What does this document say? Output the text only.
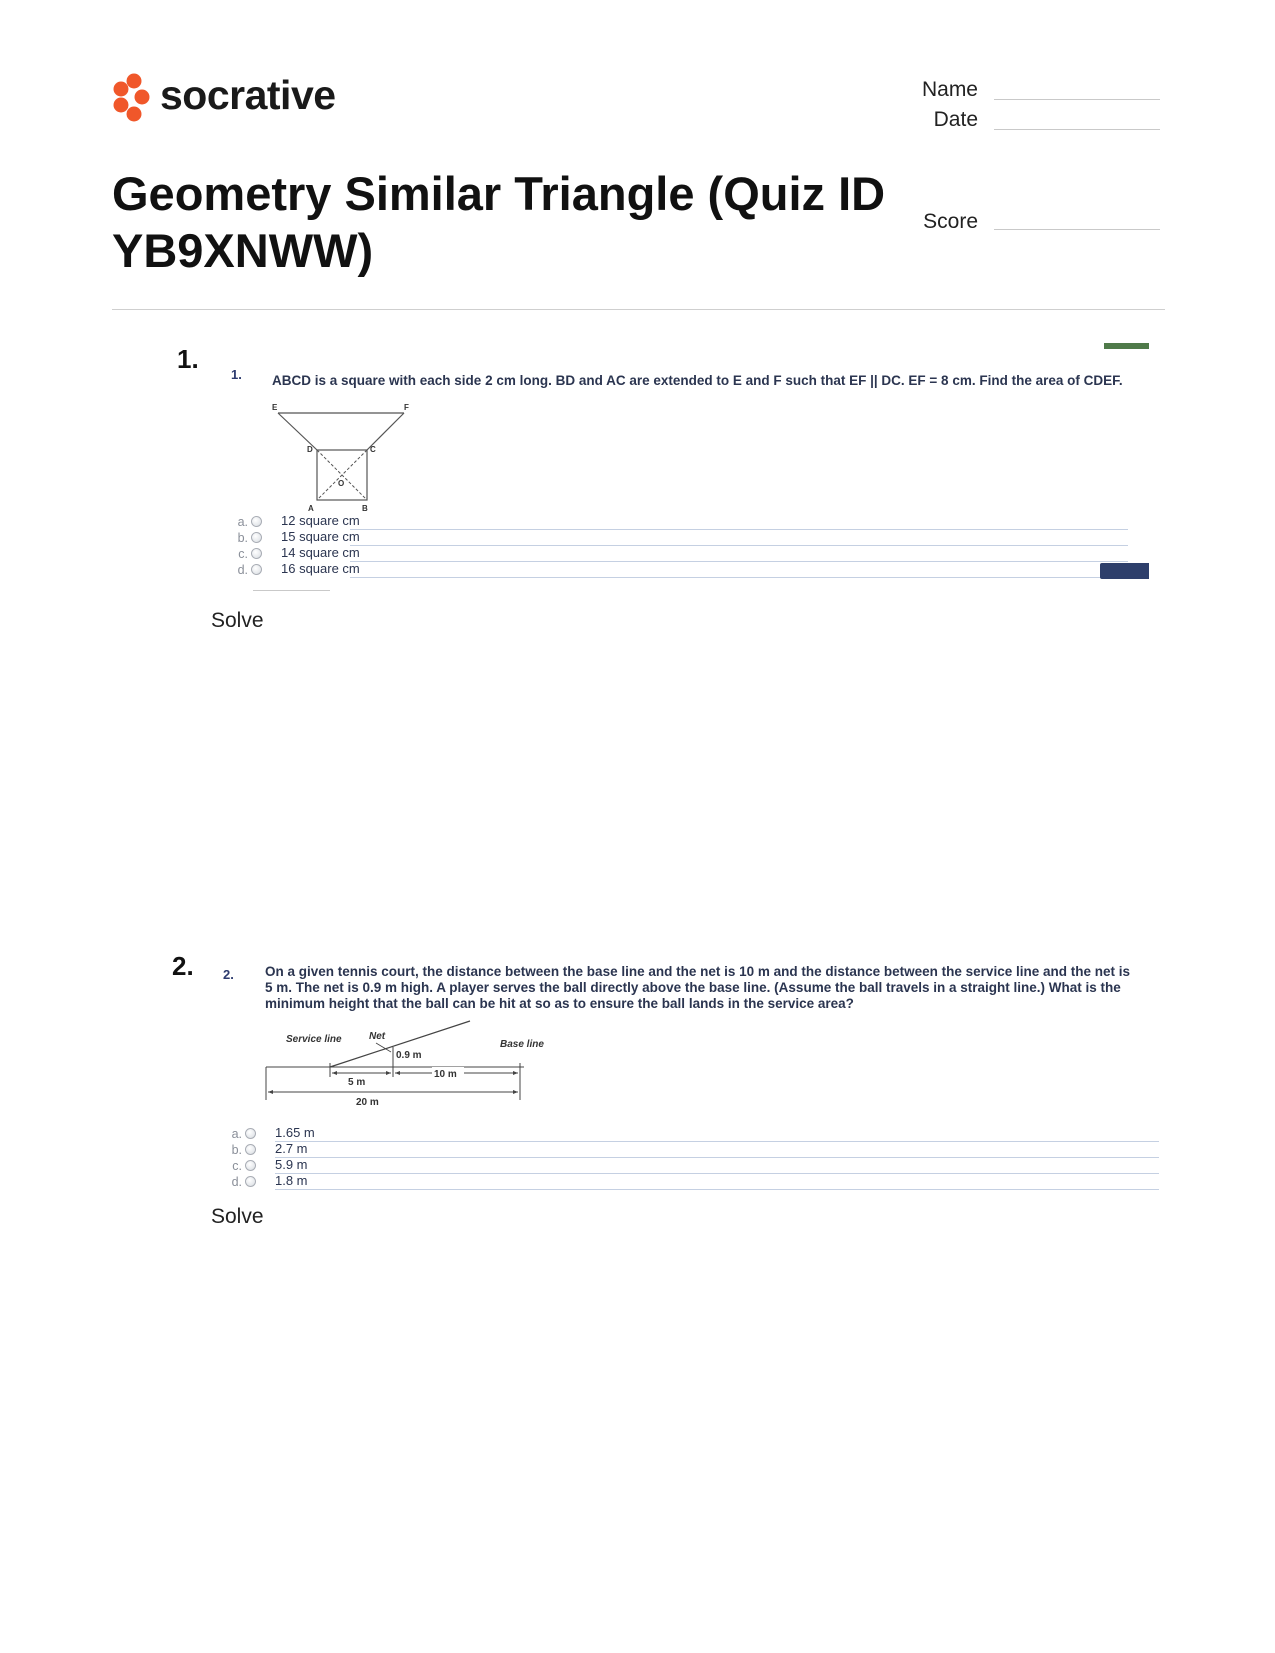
socrative
Geometry Similar Triangle (Quiz ID YB9XNWW)
Name
Date
Score
1.
1. ABCD is a square with each side 2 cm long. BD and AC are extended to E and F such that EF || DC. EF = 8 cm. Find the area of CDEF.
E	F
D	C
O
A	B
a.	12 square cm
b.	15 square cm
c.	14 square cm
d.	16 square cm
Solve
2. 2. On a given tennis court, the distance between the base line and the net is 10 m and the distance between the service line and the net is
5 m. The net is 0.9 m high. A player serves the ball directly above the base line. (Assume the ball travels in a straight line.) What is the
minimum height that the ball can be hit at so as to ensure the ball lands in the service area?
Service line	Net
Base line
0.9 m
5 m
10 m
20 m
a.	1.65 m
b.	2.7 m
c.	5.9 m
d.	1.8 m
Solve
